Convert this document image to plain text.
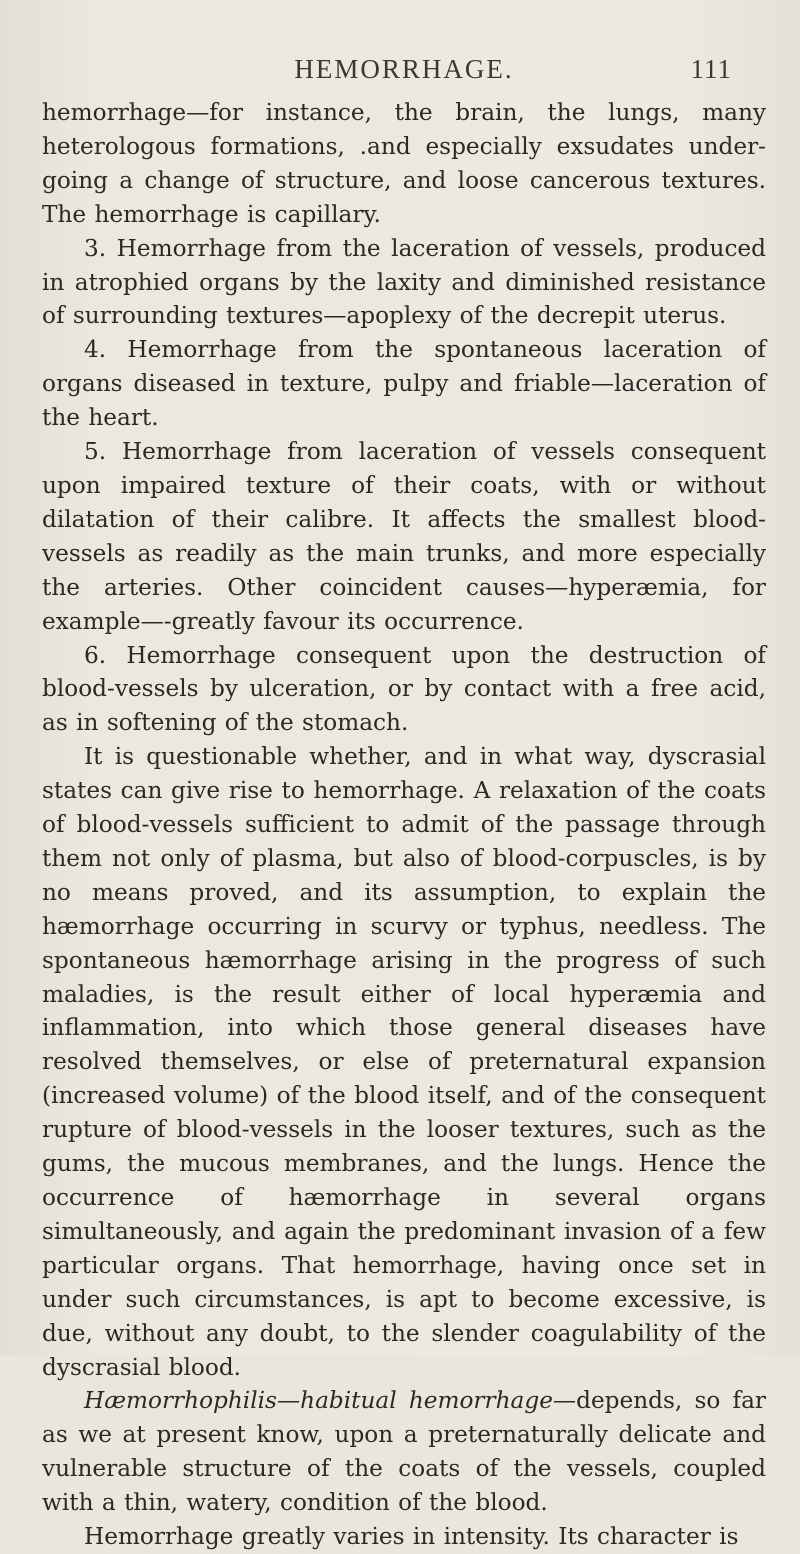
HEMORRHAGE.	111

hemorrhage—for instance, the brain, the lungs, many heterologous formations, .and especially exsudates under-going a change of structure, and loose cancerous textures. The hemorrhage is capillary.

3. Hemorrhage from the laceration of vessels, produced in atrophied organs by the laxity and diminished resistance of surrounding textures—apoplexy of the decrepit uterus.

4. Hemorrhage from the spontaneous laceration of organs diseased in texture, pulpy and friable—laceration of the heart.

5. Hemorrhage from laceration of vessels consequent upon impaired texture of their coats, with or without dilatation of their calibre. It affects the smallest blood-vessels as readily as the main trunks, and more especially the arteries. Other coincident causes—hyperæmia, for example—-greatly favour its occurrence.

6. Hemorrhage consequent upon the destruction of blood-vessels by ulceration, or by contact with a free acid, as in softening of the stomach.

It is questionable whether, and in what way, dyscrasial states can give rise to hemorrhage. A relaxation of the coats of blood-vessels sufficient to admit of the passage through them not only of plasma, but also of blood-corpuscles, is by no means proved, and its assumption, to explain the hæmorrhage occurring in scurvy or typhus, needless. The spontaneous hæmorrhage arising in the progress of such maladies, is the result either of local hyperæmia and inflammation, into which those general diseases have resolved themselves, or else of preternatural expansion (increased volume) of the blood itself, and of the consequent rupture of blood-vessels in the looser textures, such as the gums, the mucous membranes, and the lungs. Hence the occurrence of hæmorrhage in several organs simultaneously, and again the predominant invasion of a few particular organs. That hemorrhage, having once set in under such circumstances, is apt to become excessive, is due, without any doubt, to the slender coagulability of the dyscrasial blood.

Hæmorrhophilis—habitual hemorrhage—depends, so far as we at present know, upon a preternaturally delicate and vulnerable structure of the coats of the vessels, coupled with a thin, watery, condition of the blood.

Hemorrhage greatly varies in intensity. Its character is
